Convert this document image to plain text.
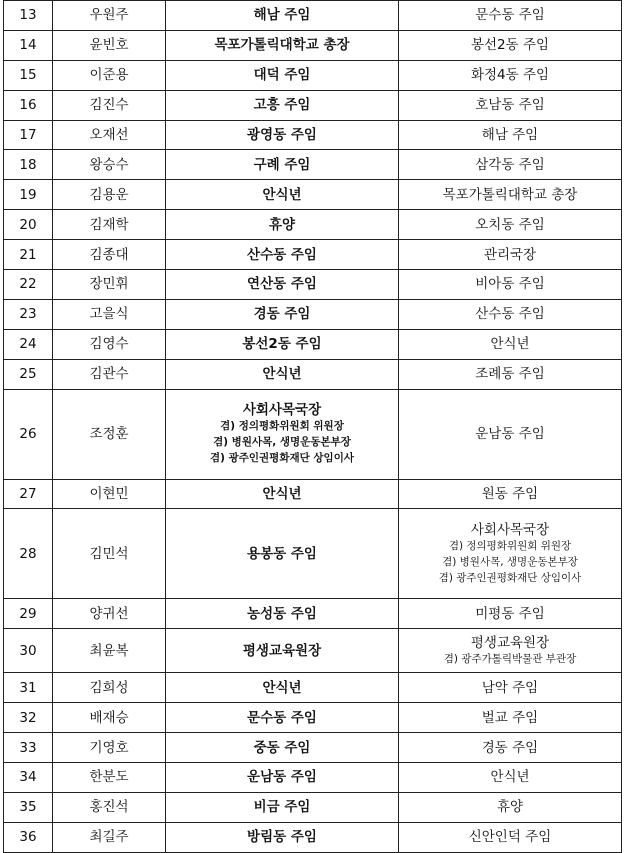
13	우원주	해남 주임	문수동 주임

14	윤빈호	목포가톨릭대학교 총장	봉선2동 주임

15	이준용	대덕 주임	화정4동 주임

16	김진수	고흥 주임	호남동 주임

17	오재선	광영동 주임	해남 주임

18	왕승수	구례 주임	삼각동 주임

19	김용운	안식년	목포가톨릭대학교 총장

20	김재학	휴양	오치동 주임

21	김종대	산수동 주임	관리국장

22	장민휘	연산동 주임	비아동 주임

23	고을식	경동 주임	산수동 주임

24	김영수	봉선2동 주임	안식년

25	김관수	안식년	조례동 주임

26	조정훈	사회사목국장
겸) 정의평화위원회 위원장
겸) 병원사목, 생명운동본부장
겸) 광주인권평화재단 상임이사	운남동 주임

27	이현민	안식년	원동 주임

28	김민석	용봉동 주임	사회사목국장
겸) 정의평화위원회 위원장
겸) 병원사목, 생명운동본부장
겸) 광주인권평화재단 상임이사

29	양귀선	농성동 주임	미평동 주임

30	최윤복	평생교육원장	평생교육원장
겸) 광주가톨릭박물관 부관장

31	김희성	안식년	남악 주임

32	배재승	문수동 주임	벌교 주임

33	기영호	중동 주임	경동 주임

34	한분도	운남동 주임	안식년

35	홍진석	비금 주임	휴양

36	최길주	방림동 주임	신안인덕 주임
